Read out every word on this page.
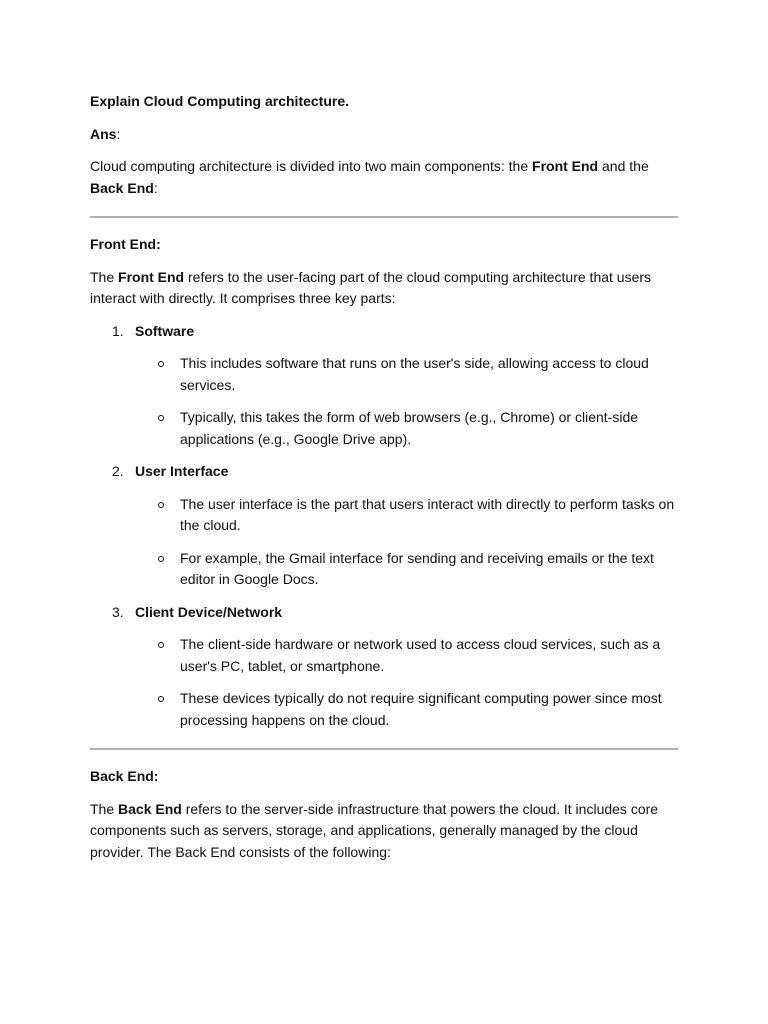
Explain Cloud Computing architecture.

Ans:

Cloud computing architecture is divided into two main components: the Front End and the Back End:

Front End:

The Front End refers to the user-facing part of the cloud computing architecture that users interact with directly. It comprises three key parts:

1. Software
This includes software that runs on the user's side, allowing access to cloud services.
Typically, this takes the form of web browsers (e.g., Chrome) or client-side applications (e.g., Google Drive app).
2. User Interface
The user interface is the part that users interact with directly to perform tasks on the cloud.
For example, the Gmail interface for sending and receiving emails or the text editor in Google Docs.
3. Client Device/Network
The client-side hardware or network used to access cloud services, such as a user's PC, tablet, or smartphone.
These devices typically do not require significant computing power since most processing happens on the cloud.

Back End:

The Back End refers to the server-side infrastructure that powers the cloud. It includes core components such as servers, storage, and applications, generally managed by the cloud provider. The Back End consists of the following:
